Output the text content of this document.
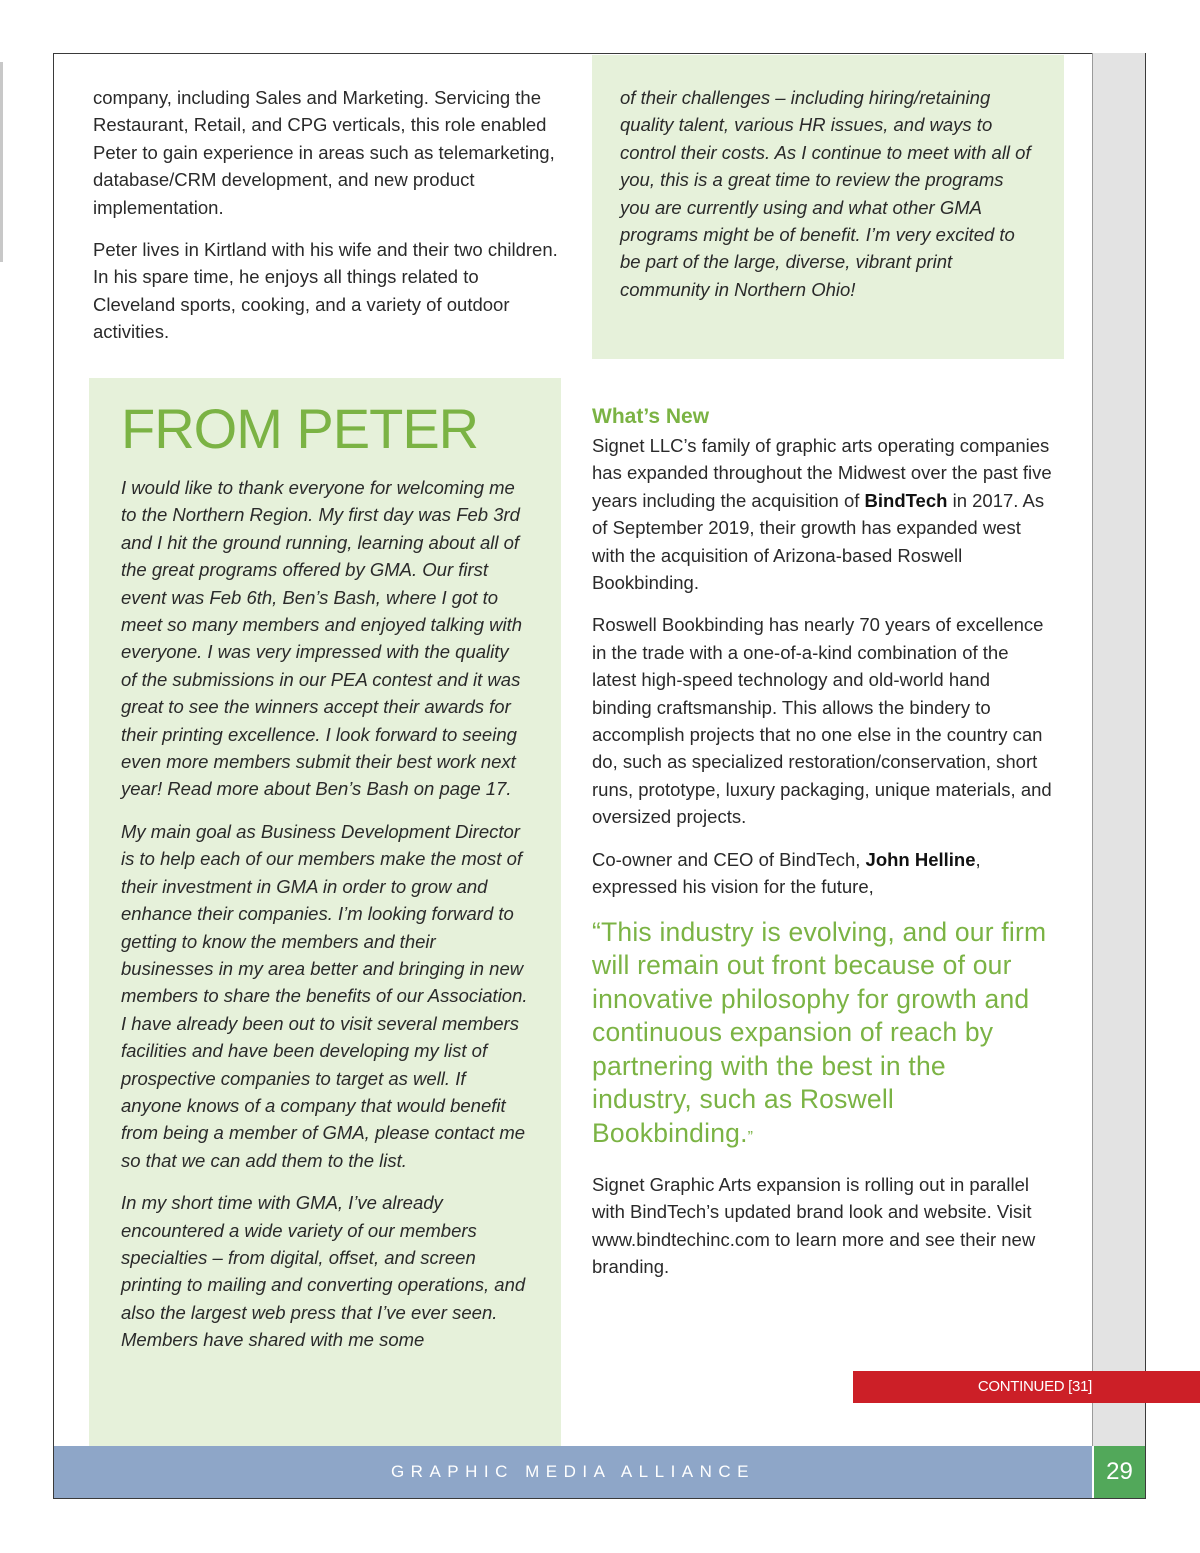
company, including Sales and Marketing. Servicing the Restaurant, Retail, and CPG verticals, this role enabled Peter to gain experience in areas such as telemarketing, database/CRM development, and new product implementation.

Peter lives in Kirtland with his wife and their two children. In his spare time, he enjoys all things related to Cleveland sports, cooking, and a variety of outdoor activities.

of their challenges – including hiring/retaining quality talent, various HR issues, and ways to control their costs. As I continue to meet with all of you, this is a great time to review the programs you are currently using and what other GMA programs might be of benefit. I’m very excited to be part of the large, diverse, vibrant print community in Northern Ohio!
FROM PETER

I would like to thank everyone for welcoming me to the Northern Region. My first day was Feb 3rd and I hit the ground running, learning about all of the great programs offered by GMA. Our first event was Feb 6th, Ben’s Bash, where I got to meet so many members and enjoyed talking with everyone. I was very impressed with the quality of the submissions in our PEA contest and it was great to see the winners accept their awards for their printing excellence. I look forward to seeing even more members submit their best work next year! Read more about Ben’s Bash on page 17.

My main goal as Business Development Director is to help each of our members make the most of their investment in GMA in order to grow and enhance their companies. I’m looking forward to getting to know the members and their businesses in my area better and bringing in new members to share the benefits of our Association. I have already been out to visit several members facilities and have been developing my list of prospective companies to target as well. If anyone knows of a company that would benefit from being a member of GMA, please contact me so that we can add them to the list.

In my short time with GMA, I’ve already encountered a wide variety of our members specialties – from digital, offset, and screen printing to mailing and converting operations, and also the largest web press that I’ve ever seen. Members have shared with me some

What’s New

Signet LLC’s family of graphic arts operating companies has expanded throughout the Midwest over the past five years including the acquisition of BindTech in 2017. As of September 2019, their growth has expanded west with the acquisition of Arizona-based Roswell Bookbinding.

Roswell Bookbinding has nearly 70 years of excellence in the trade with a one-of-a-kind combination of the latest high-speed technology and old-world hand binding craftsmanship. This allows the bindery to accomplish projects that no one else in the country can do, such as specialized restoration/conservation, short runs, prototype, luxury packaging, unique materials, and oversized projects.

Co-owner and CEO of BindTech, John Helline, expressed his vision for the future,

“This industry is evolving, and our firm will remain out front because of our innovative philosophy for growth and continuous expansion of reach by partnering with the best in the industry, such as Roswell Bookbinding.”

Signet Graphic Arts expansion is rolling out in parallel with BindTech’s updated brand look and website. Visit www.bindtechinc.com to learn more and see their new branding.

CONTINUED [31]
GRAPHIC MEDIA ALLIANCE	29
